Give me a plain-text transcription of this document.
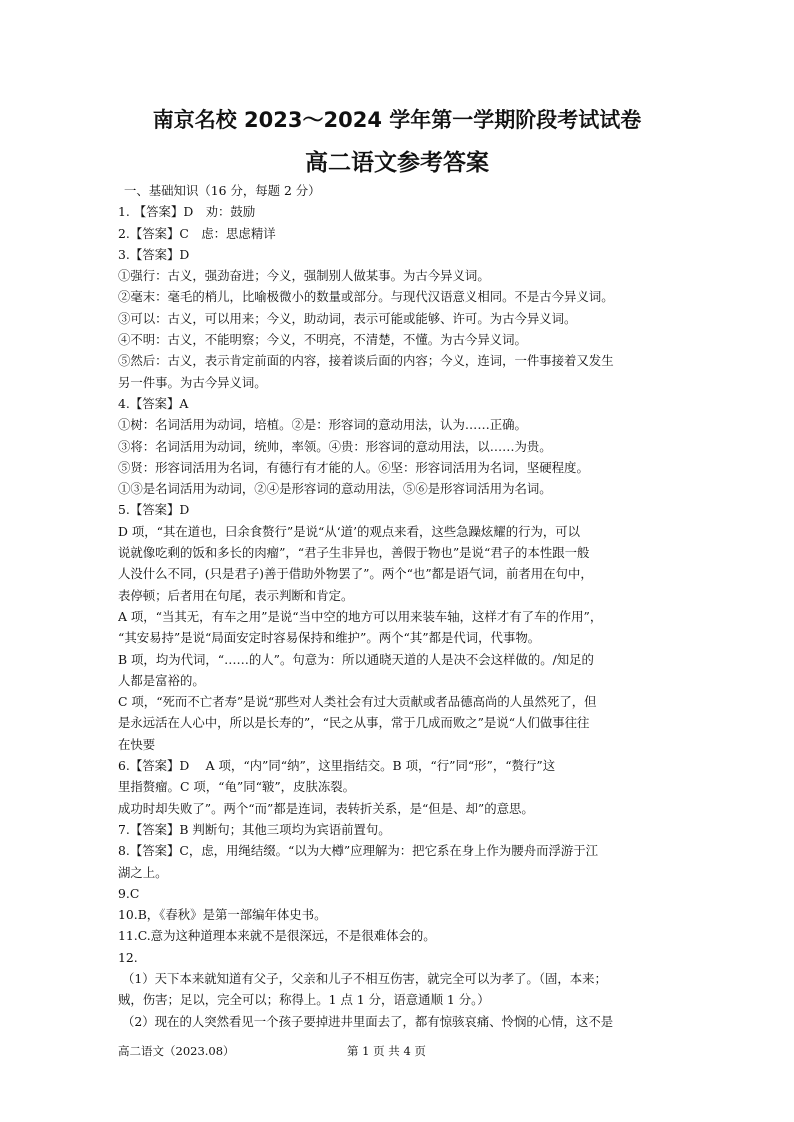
南京名校 2023～2024 学年第一学期阶段考试试卷
高二语文参考答案
一、基础知识（16 分，每题 2 分）
1. 【答案】D　劝：鼓励
2.【答案】C　虑：思虑精详
3.【答案】D
①强行：古义，强劲奋进；今义，强制别人做某事。为古今异义词。
②毫末：毫毛的梢儿，比喻极微小的数量或部分。与现代汉语意义相同。不是古今异义词。
③可以：古义，可以用来；今义，助动词，表示可能或能够、许可。为古今异义词。
④不明：古义，不能明察；今义，不明亮，不清楚，不懂。为古今异义词。
⑤然后：古义，表示肯定前面的内容，接着谈后面的内容；今义，连词，一件事接着又发生
另一件事。为古今异义词。
4.【答案】A
①树：名词活用为动词，培植。②是：形容词的意动用法，认为……正确。
③将：名词活用为动词，统帅，率领。④贵：形容词的意动用法，以……为贵。
⑤贤：形容词活用为名词，有德行有才能的人。⑥坚：形容词活用为名词，坚硬程度。
①③是名词活用为动词，②④是形容词的意动用法，⑤⑥是形容词活用为名词。
5.【答案】D
D 项，“其在道也，曰余食赘行”是说“从‘道’的观点来看，这些急躁炫耀的行为，可以
说就像吃剩的饭和多长的肉瘤”，“君子生非异也，善假于物也”是说“君子的本性跟一般
人没什么不同，(只是君子)善于借助外物罢了”。两个“也”都是语气词，前者用在句中，
表停顿；后者用在句尾，表示判断和肯定。
A 项，“当其无，有车之用”是说“当中空的地方可以用来装车轴，这样才有了车的作用”，
“其安易持”是说“局面安定时容易保持和维护”。两个“其”都是代词，代事物。
B 项，均为代词，“……的人”。句意为：所以通晓天道的人是决不会这样做的。/知足的
人都是富裕的。
C 项，“死而不亡者寿”是说“那些对人类社会有过大贡献或者品德高尚的人虽然死了，但
是永远活在人心中，所以是长寿的”，“民之从事，常于几成而败之”是说“人们做事往往
在快要
6.【答案】D　 A 项，“内”同“纳”，这里指结交。B 项，“行”同“形”，“赘行”这
里指赘瘤。C 项，“龟”同“皲”，皮肤冻裂。
成功时却失败了”。两个“而”都是连词，表转折关系，是“但是、却”的意思。
7.【答案】B 判断句；其他三项均为宾语前置句。
8.【答案】C，虑，用绳结缀。“以为大樽”应理解为：把它系在身上作为腰舟而浮游于江
湖之上。
9.C
10.B，《春秋》是第一部编年体史书。
11.C.意为这种道理本来就不是很深远，不是很难体会的。
12.
（1）天下本来就知道有父子，父亲和儿子不相互伤害，就完全可以为孝了。（固，本来；
贼，伤害；足以，完全可以；称得上。1 点 1 分，语意通顺 1 分。）
（2）现在的人突然看见一个孩子要掉进井里面去了，都有惊骇哀痛、怜悯的心情，这不是
高二语文（2023.08）	第 1 页 共 4 页
